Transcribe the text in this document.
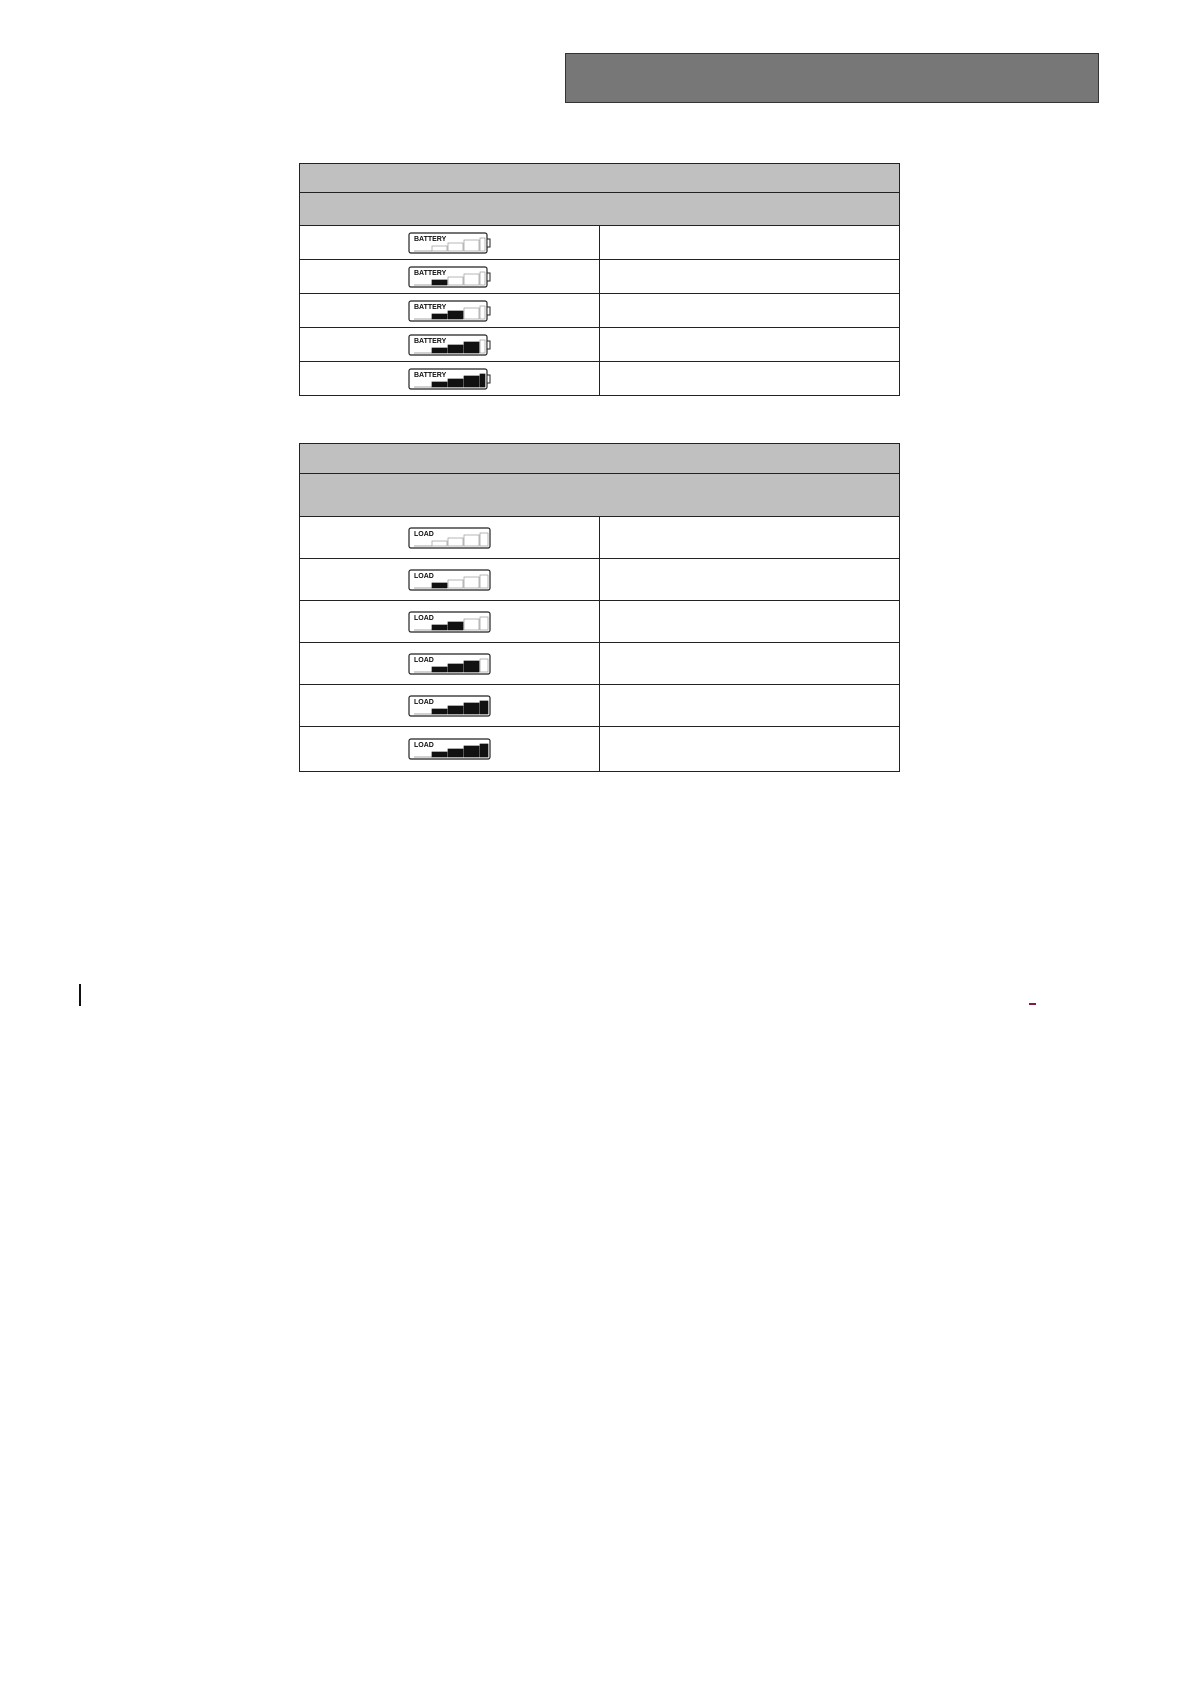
BATTERY	

BATTERY	

BATTERY	

BATTERY	

BATTERY	

LOAD	

LOAD	

LOAD	

LOAD	

LOAD	

LOAD	
